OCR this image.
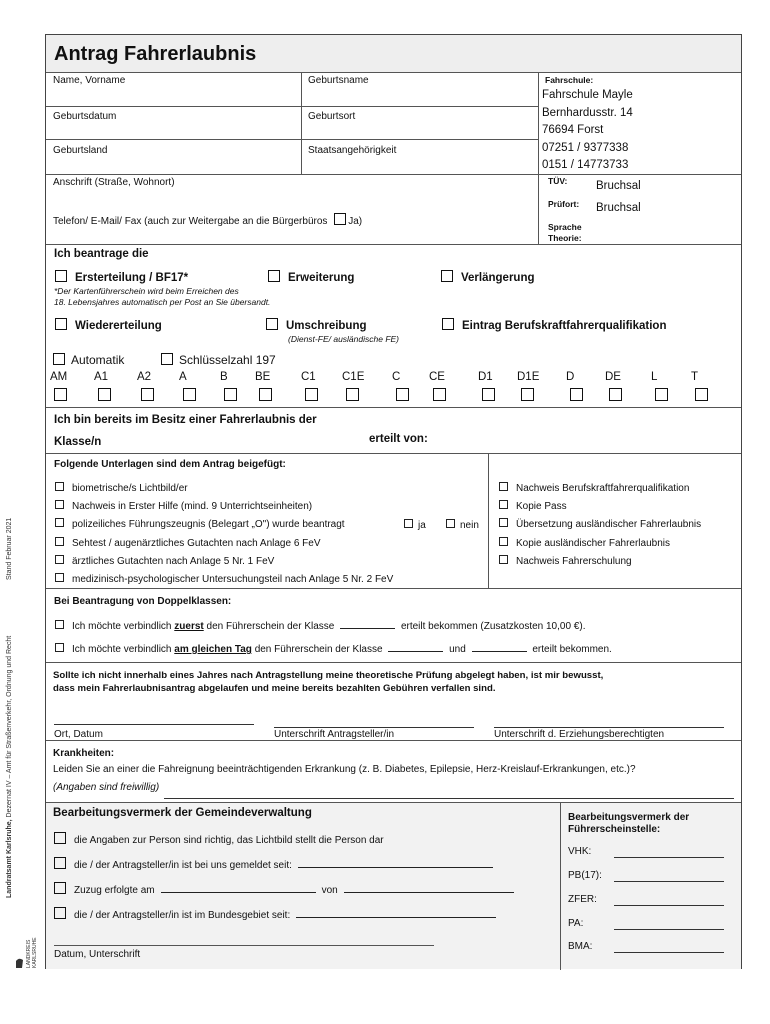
Stand Februar 2021
Landratsamt Karlsruhe, Dezernat IV – Amt für Straßenverkehr, Ordnung und Recht
LANDKREIS KARLSRUHE
Antrag Fahrerlaubnis
Name, Vorname	Geburtsname
Geburtsdatum	Geburtsort
Geburtsland	Staatsangehörigkeit
Anschrift (Straße, Wohnort)
Telefon/ E-Mail/ Fax (auch zur Weitergabe an die Bürgerbüros Ja)
Fahrschule:
Fahrschule Mayle
Bernhardusstr. 14
76694 Forst
07251 / 9377338
0151 / 14773733
TÜV: Bruchsal
Prüfort: Bruchsal
Sprache
Theorie:
Ich beantrage die
Ersterteilung / BF17*
*Der Kartenführerschein wird beim Erreichen des
18. Lebensjahres automatisch per Post an Sie übersandt.
Erweiterung	Verlängerung
Wiedererteilung	Umschreibung
(Dienst-FE/ ausländische FE)
Eintrag Berufskraftfahrerqualifikation
Automatik	Schlüsselzahl 197
AM A1	A2 A	B BE	C1 C1E C CE	D1 D1E D	DE	L	T
Ich bin bereits im Besitz einer Fahrerlaubnis der
Klasse/n	erteilt von:
Folgende Unterlagen sind dem Antrag beigefügt:
biometrische/s Lichtbild/er
Nachweis in Erster Hilfe (mind. 9 Unterrichtseinheiten)
polizeiliches Führungszeugnis (Belegart „O") wurde beantragt
Sehtest / augenärztliches Gutachten nach Anlage 6 FeV
ärztliches Gutachten nach Anlage 5 Nr. 1 FeV
medizinisch-psychologischer Untersuchungsteil nach Anlage 5 Nr. 2 FeV
Nachweis Berufskraftfahrerqualifikation
Kopie Pass
Übersetzung ausländischer Fahrerlaubnis
Kopie ausländischer Fahrerlaubnis
Nachweis Fahrerschulung
ja	nein
Bei Beantragung von Doppelklassen:
Ich möchte verbindlich zuerst den Führerschein der Klasse	erteilt bekommen (Zusatzkosten 10,00 €).
Ich möchte verbindlich am gleichen Tag den Führerschein der Klasse	und	erteilt bekommen.
Sollte ich nicht innerhalb eines Jahres nach Antragstellung meine theoretische Prüfung abgelegt haben, ist mir bewusst,
dass mein Fahrerlaubnisantrag abgelaufen und meine bereits bezahlten Gebühren verfallen sind.
Ort, Datum	Unterschrift Antragsteller/in	Unterschrift d. Erziehungsberechtigten
Krankheiten:
Leiden Sie an einer die Fahreignung beeinträchtigenden Erkrankung (z. B. Diabetes, Epilepsie, Herz-Kreislauf-Erkrankungen, etc.)?
(Angaben sind freiwillig)
Bearbeitungsvermerk der Gemeindeverwaltung
die Angaben zur Person sind richtig, das Lichtbild stellt die Person dar
die / der Antragsteller/in ist bei uns gemeldet seit:
Zuzug erfolgte am	von
die / der Antragsteller/in ist im Bundesgebiet seit:
Datum, Unterschrift
Bearbeitungsvermerk der
Führerscheinstelle:
VHK:
PB(17):
ZFER:
PA:
BMA:
